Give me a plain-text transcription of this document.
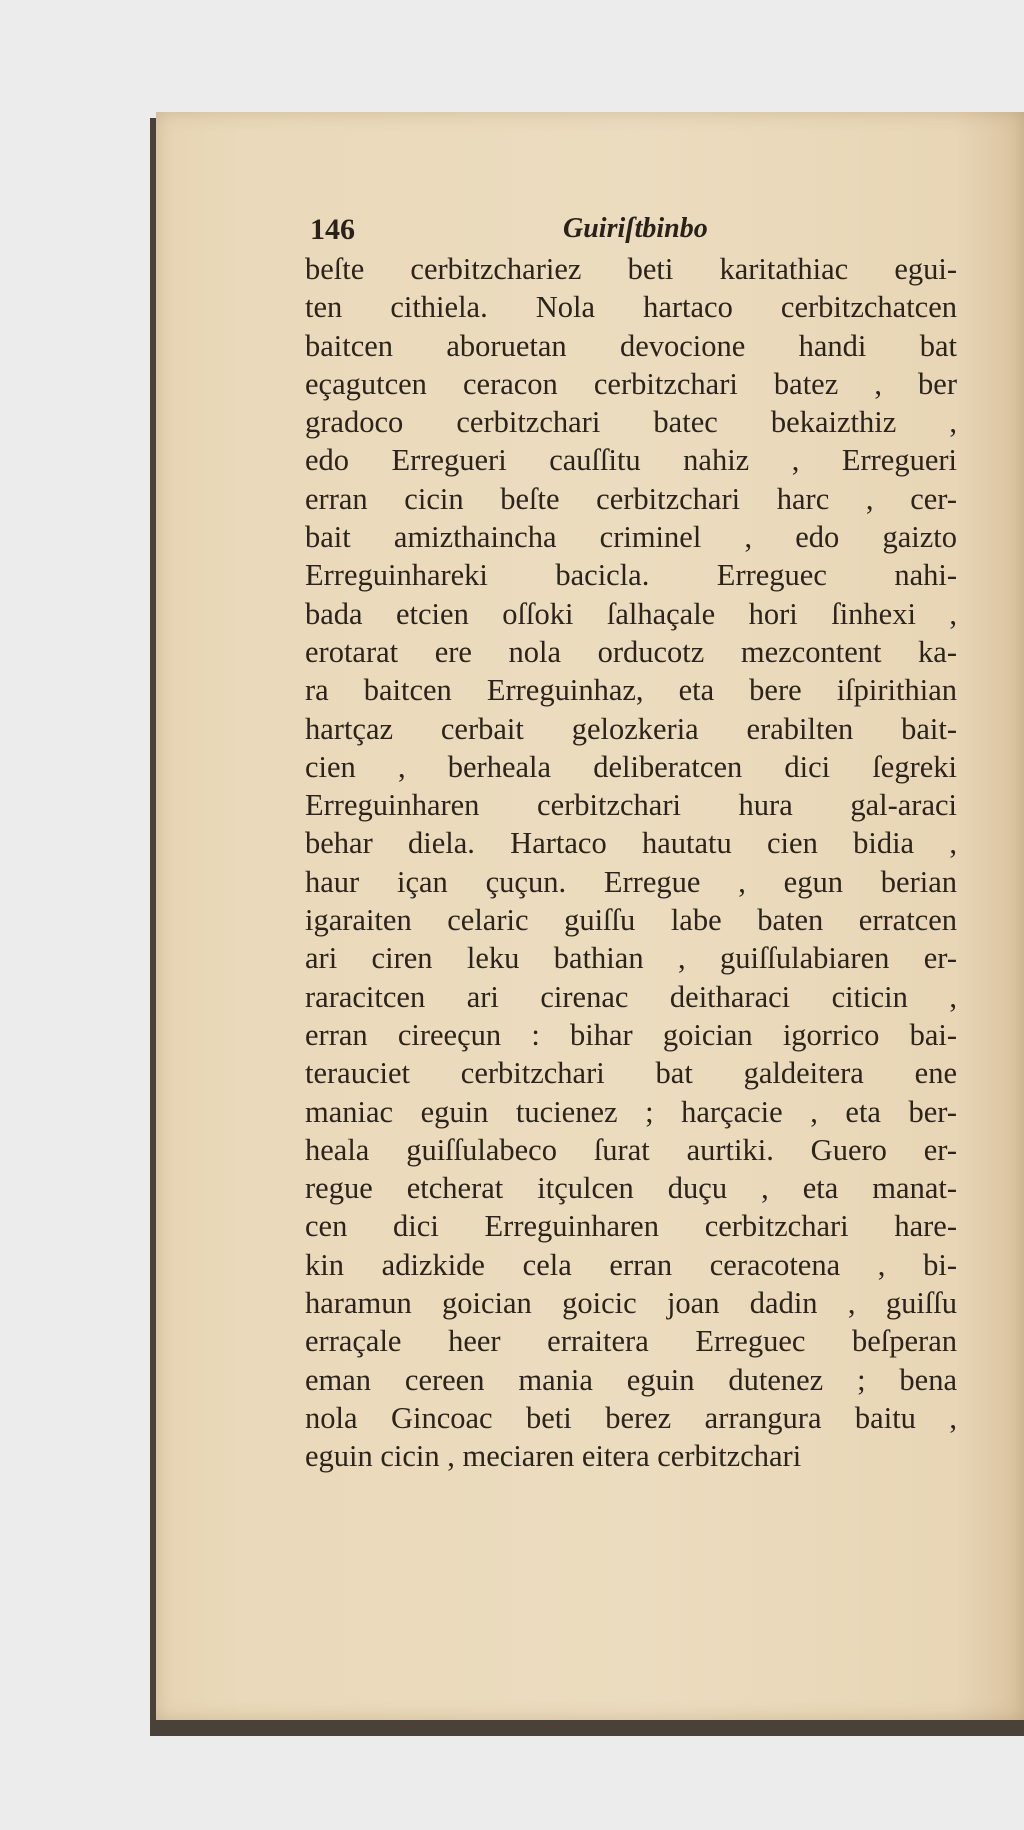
146	Guiriſtbinbo
beſte cerbitzchariez beti karitathiac egui-
ten cithiela. Nola hartaco cerbitzchatcen
baitcen aboruetan devocione handi bat
eçagutcen ceracon cerbitzchari batez , ber
gradoco cerbitzchari batec bekaizthiz ,
edo Erregueri cauſſitu nahiz , Erregueri
erran cicin beſte cerbitzchari harc , cer-
bait amizthaincha criminel , edo gaizto
Erreguinhareki bacicla. Erreguec nahi-
bada etcien oſſoki ſalhaçale hori ſinhexi ,
erotarat ere nola orducotz mezcontent ka-
ra baitcen Erreguinhaz, eta bere iſpirithian
hartçaz cerbait gelozkeria erabilten bait-
cien , berheala deliberatcen dici ſegreki
Erreguinharen cerbitzchari hura gal-araci
behar diela. Hartaco hautatu cien bidia ,
haur içan çuçun. Erregue , egun berian
igaraiten celaric guiſſu labe baten erratcen
ari ciren leku bathian , guiſſulabiaren er-
raracitcen ari cirenac deitharaci citicin ,
erran cireeçun : bihar goician igorrico bai-
terauciet cerbitzchari bat galdeitera ene
maniac eguin tucienez ; harçacie , eta ber-
heala guiſſulabeco ſurat aurtiki. Guero er-
regue etcherat itçulcen duçu , eta manat-
cen dici Erreguinharen cerbitzchari hare-
kin adizkide cela erran ceracotena , bi-
haramun goician goicic joan dadin , guiſſu
erraçale heer erraitera Erreguec beſperan
eman cereen mania eguin dutenez ; bena
nola Gincoac beti berez arrangura baitu ,
eguin cicin , meciaren eitera cerbitzchari
